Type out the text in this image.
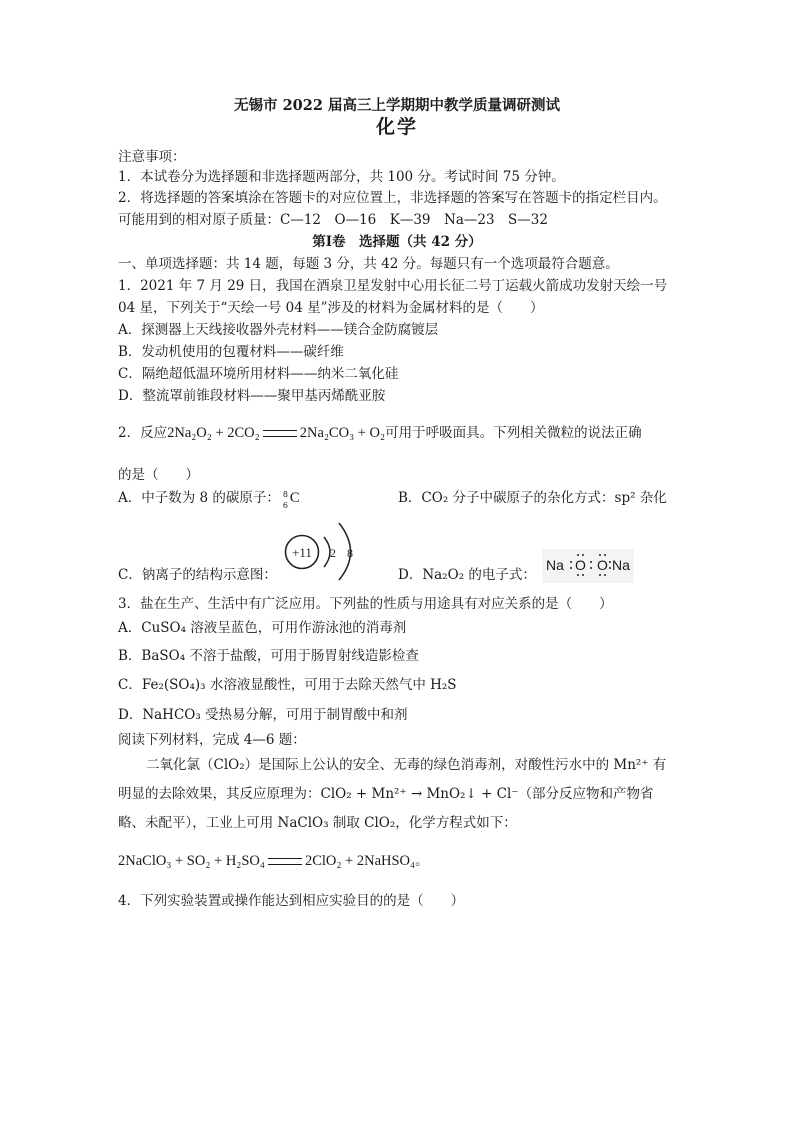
无锡市 2022 届高三上学期期中教学质量调研测试
化学
注意事项：
1．本试卷分为选择题和非选择题两部分，共 100 分。考试时间 75 分钟。
2．将选择题的答案填涂在答题卡的对应位置上，非选择题的答案写在答题卡的指定栏目内。
可能用到的相对原子质量：C—12　O—16　K—39　Na—23　S—32
第Ⅰ卷　选择题（共 42 分）
一、单项选择题：共 14 题，每题 3 分，共 42 分。每题只有一个选项最符合题意。
1．2021 年 7 月 29 日，我国在酒泉卫星发射中心用长征二号丁运载火箭成功发射天绘一号
04 星，下列关于“天绘一号 04 星”涉及的材料为金属材料的是（　　）
A．探测器上天线接收器外壳材料——镁合金防腐镀层
B．发动机使用的包覆材料——碳纤维
C．隔绝超低温环境所用材料——纳米二氧化硅
D．整流罩前锥段材料——聚甲基丙烯酰亚胺
2．反应2Na₂O₂ + 2CO₂	2Na₂CO₃ + O₂可用于呼吸面具。下列相关微粒的说法正确
的是（　　）
A．中子数为 8 的碳原子： 8
6 C	B．CO₂ 分子中碳原子的杂化方式：sp² 杂化
+11 2 8
C．钠离子的结构示意图：	D．Na₂O₂ 的电子式：
Na O O Na
3．盐在生产、生活中有广泛应用。下列盐的性质与用途具有对应关系的是（　　）
A．CuSO₄ 溶液呈蓝色，可用作游泳池的消毒剂
B．BaSO₄ 不溶于盐酸，可用于肠胃射线造影检查
C．Fe₂(SO₄)₃ 水溶液显酸性，可用于去除天然气中 H₂S
D．NaHCO₃ 受热易分解，可用于制胃酸中和剂
阅读下列材料，完成 4—6 题：
二氧化氯（ClO₂）是国际上公认的安全、无毒的绿色消毒剂，对酸性污水中的 Mn²⁺ 有
明显的去除效果，其反应原理为：ClO₂ + Mn²⁺ → MnO₂↓ + Cl⁻（部分反应物和产物省
略、未配平），工业上可用 NaClO₃ 制取 ClO₂，化学方程式如下：
2NaClO₃ + SO₂ + H₂SO₄	2ClO₂ + 2NaHSO₄。
4．下列实验装置或操作能达到相应实验目的的是（　　）
